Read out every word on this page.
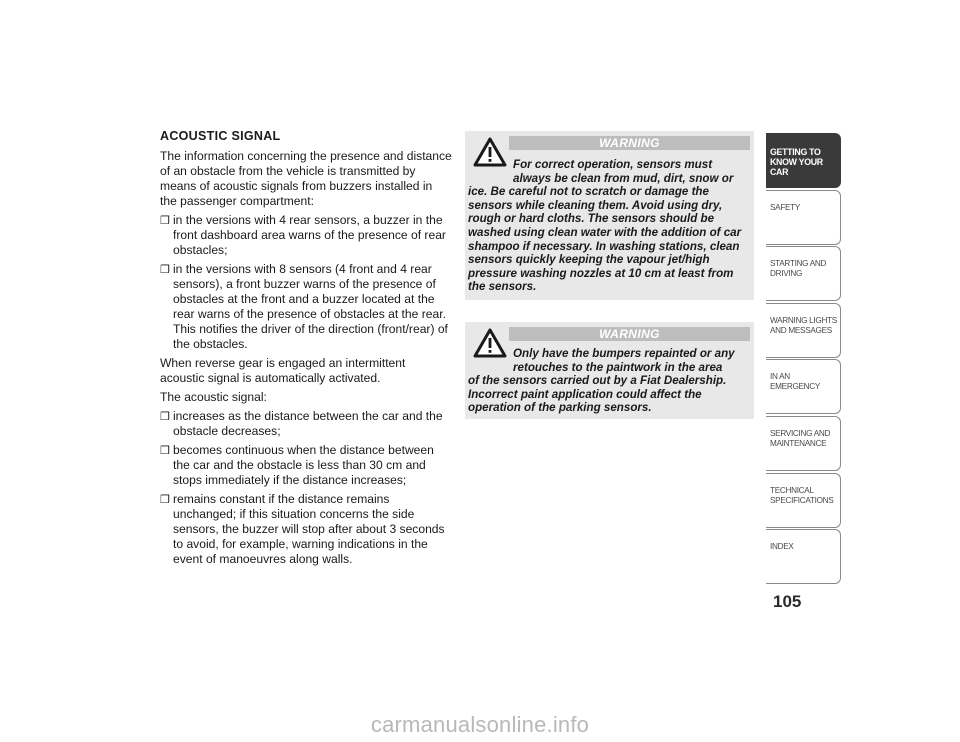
ACOUSTIC SIGNAL
The information concerning the presence and distance of an obstacle from the vehicle is transmitted by means of acoustic signals from buzzers installed in the passenger compartment:
❒ in the versions with 4 rear sensors, a buzzer in the front dashboard area warns of the presence of rear obstacles;
❒ in the versions with 8 sensors (4 front and 4 rear sensors), a front buzzer warns of the presence of obstacles at the front and a buzzer located at the rear warns of the presence of obstacles at the rear. This notifies the driver of the direction (front/rear) of the obstacles.
When reverse gear is engaged an intermittent acoustic signal is automatically activated.
The acoustic signal:
❒ increases as the distance between the car and the obstacle decreases;
❒ becomes continuous when the distance between the car and the obstacle is less than 30 cm and stops immediately if the distance increases;
❒ remains constant if the distance remains unchanged; if this situation concerns the side sensors, the buzzer will stop after about 3 seconds to avoid, for example, warning indications in the event of manoeuvres along walls.
WARNING
For correct operation, sensors must
always be clean from mud, dirt, snow or
ice. Be careful not to scratch or damage the sensors while cleaning them. Avoid using dry, rough or hard cloths. The sensors should be washed using clean water with the addition of car shampoo if necessary. In washing stations, clean sensors quickly keeping the vapour jet/high pressure washing nozzles at 10 cm at least from the sensors.
WARNING
Only have the bumpers repainted or any
retouches to the paintwork in the area
of the sensors carried out by a Fiat Dealership. Incorrect paint application could affect the operation of the parking sensors.
GETTING TO
KNOW YOUR CAR
SAFETY
STARTING AND
DRIVING
WARNING LIGHTS
AND MESSAGES
IN AN EMERGENCY
SERVICING AND
MAINTENANCE
TECHNICAL
SPECIFICATIONS
INDEX
105
carmanualsonline.info
